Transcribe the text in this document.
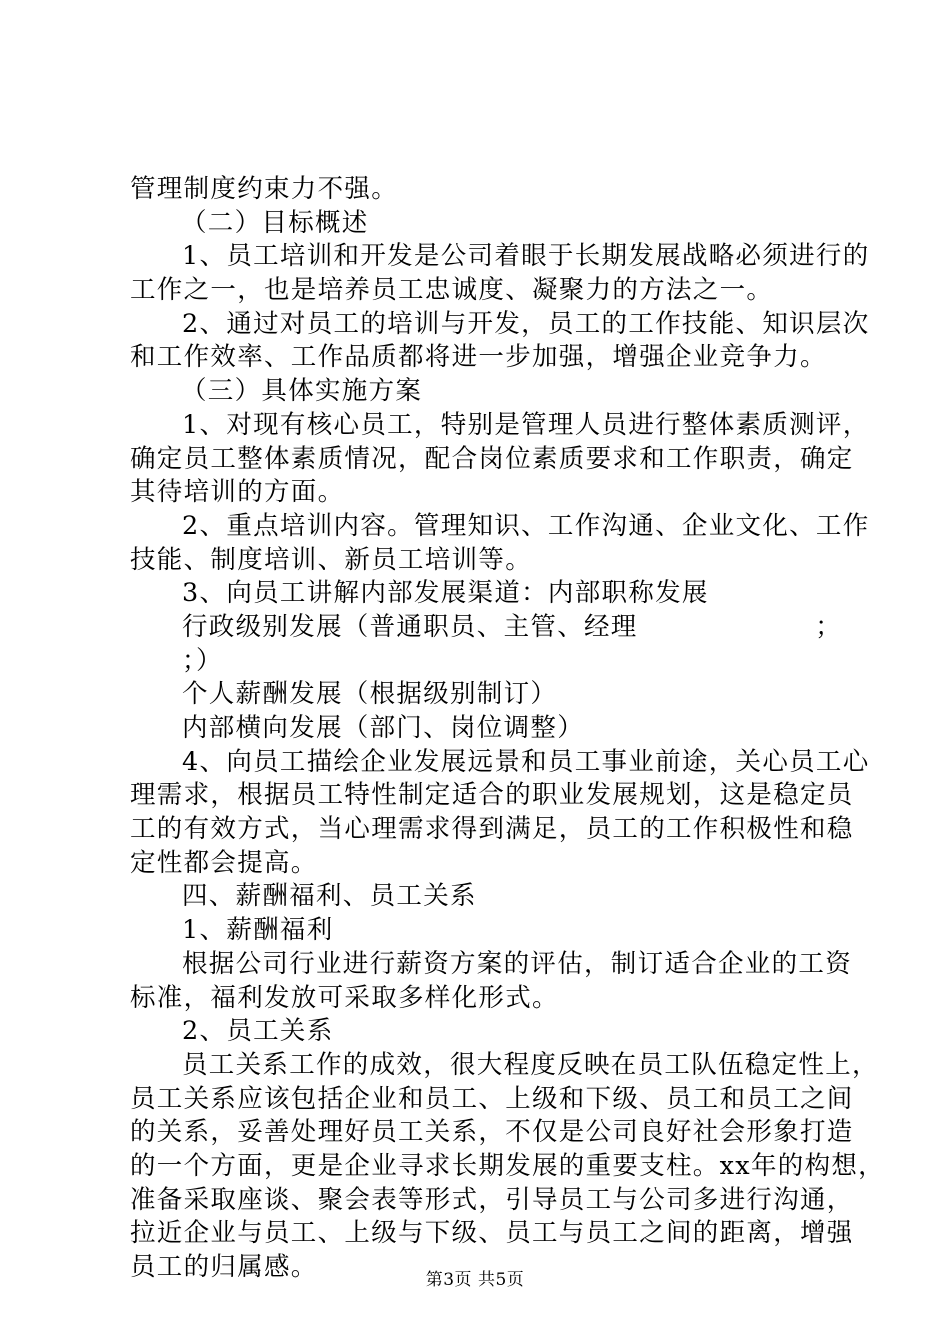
管理制度约束力不强。
（二）目标概述
1、员工培训和开发是公司着眼于长期发展战略必须进行的
工作之一，也是培养员工忠诚度、凝聚力的方法之一。
2、通过对员工的培训与开发，员工的工作技能、知识层次
和工作效率、工作品质都将进一步加强，增强企业竞争力。
（三）具体实施方案
1、对现有核心员工，特别是管理人员进行整体素质测评，
确定员工整体素质情况，配合岗位素质要求和工作职责，确定
其待培训的方面。
2、重点培训内容。管理知识、工作沟通、企业文化、工作
技能、制度培训、新员工培训等。
3、向员工讲解内部发展渠道：内部职称发展
行政级别发展（普通职员、主管、经理	；
；）
个人薪酬发展（根据级别制订）
内部横向发展（部门、岗位调整）
4、向员工描绘企业发展远景和员工事业前途，关心员工心
理需求，根据员工特性制定适合的职业发展规划，这是稳定员
工的有效方式，当心理需求得到满足，员工的工作积极性和稳
定性都会提高。
四、薪酬福利、员工关系
1、薪酬福利
根据公司行业进行薪资方案的评估，制订适合企业的工资
标准，福利发放可采取多样化形式。
2、员工关系
员工关系工作的成效，很大程度反映在员工队伍稳定性上，
员工关系应该包括企业和员工、上级和下级、员工和员工之间
的关系，妥善处理好员工关系，不仅是公司良好社会形象打造
的一个方面，更是企业寻求长期发展的重要支柱。xx年的构想，
准备采取座谈、聚会表等形式，引导员工与公司多进行沟通，
拉近企业与员工、上级与下级、员工与员工之间的距离，增强
员工的归属感。	第3页 共5页
